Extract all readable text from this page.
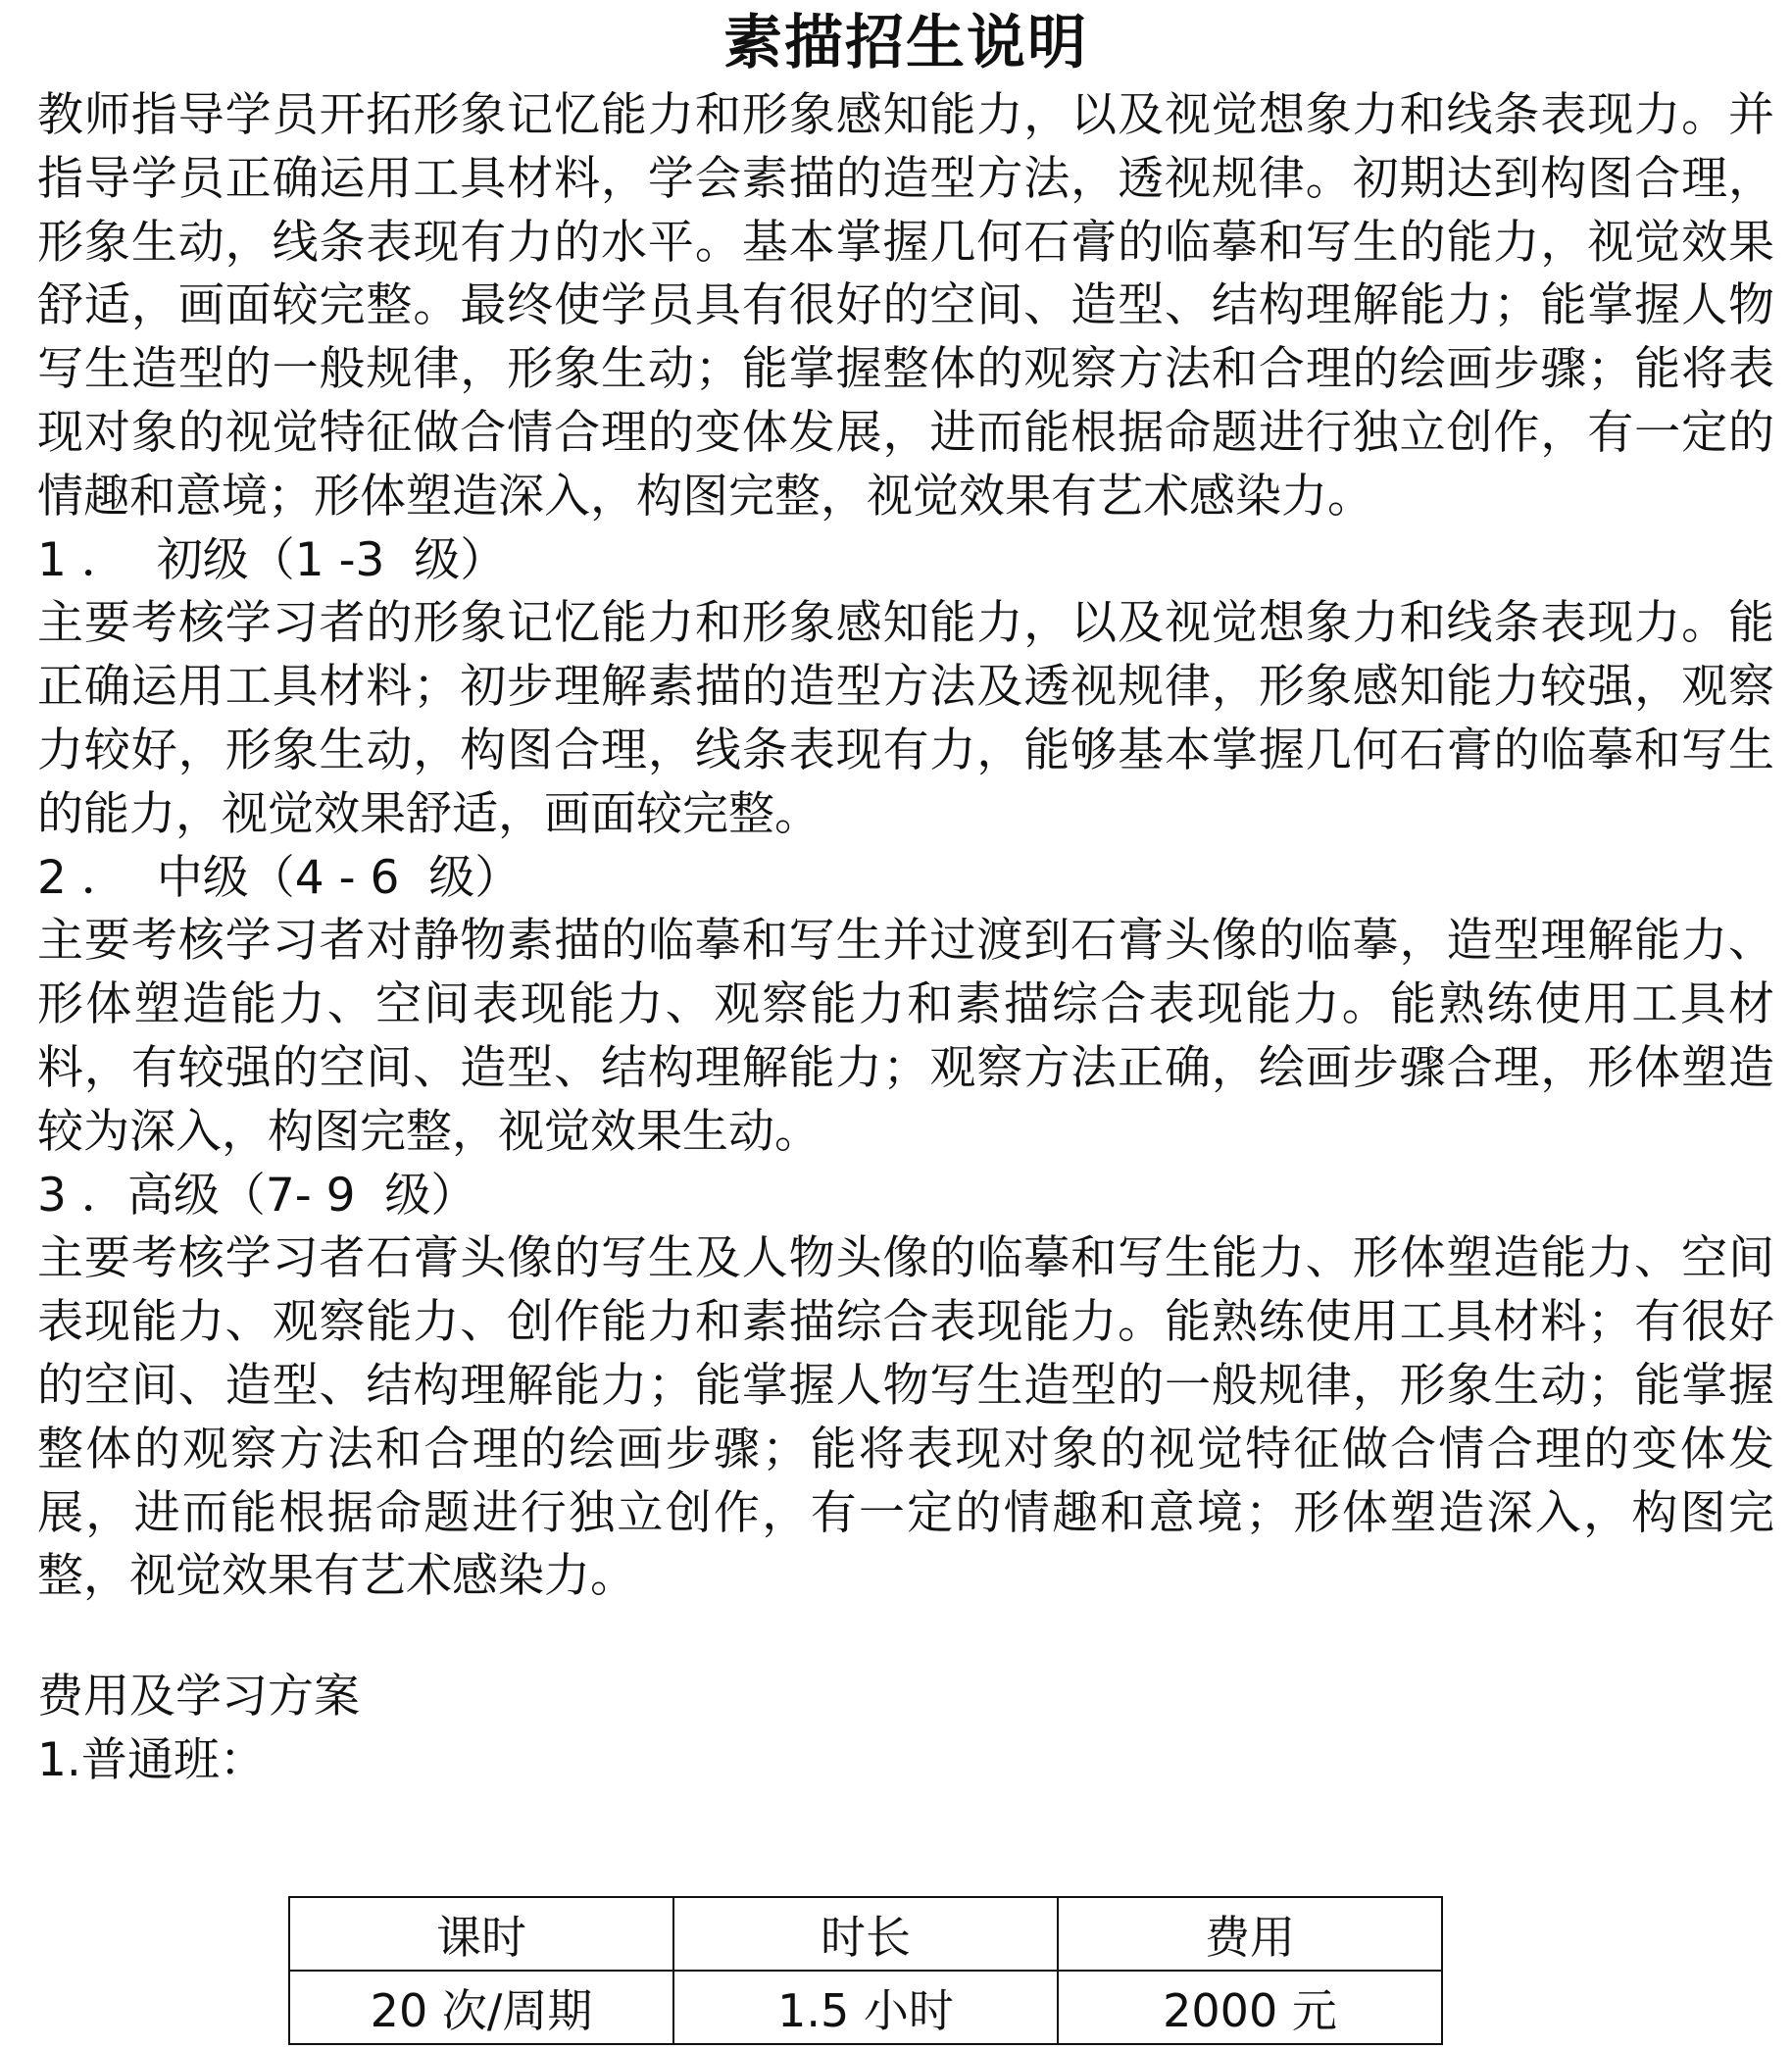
素描招生说明

教师指导学员开拓形象记忆能力和形象感知能力，以及视觉想象力和线条表现力。并指导学员正确运用工具材料，学会素描的造型方法，透视规律。初期达到构图合理，形象生动，线条表现有力的水平。基本掌握几何石膏的临摹和写生的能力，视觉效果舒适，画面较完整。最终使学员具有很好的空间、造型、结构理解能力；能掌握人物写生造型的一般规律，形象生动；能掌握整体的观察方法和合理的绘画步骤；能将表现对象的视觉特征做合情合理的变体发展，进而能根据命题进行独立创作，有一定的情趣和意境；形体塑造深入，构图完整，视觉效果有艺术感染力。

1 ．  初级（1 -3  级）

主要考核学习者的形象记忆能力和形象感知能力，以及视觉想象力和线条表现力。能正确运用工具材料；初步理解素描的造型方法及透视规律，形象感知能力较强，观察力较好，形象生动，构图合理，线条表现有力，能够基本掌握几何石膏的临摹和写生的能力，视觉效果舒适，画面较完整。

2 ．  中级（4 - 6  级）

主要考核学习者对静物素描的临摹和写生并过渡到石膏头像的临摹，造型理解能力、形体塑造能力、空间表现能力、观察能力和素描综合表现能力。能熟练使用工具材料，有较强的空间、造型、结构理解能力；观察方法正确，绘画步骤合理，形体塑造较为深入，构图完整，视觉效果生动。

3 ．高级（7- 9  级）

主要考核学习者石膏头像的写生及人物头像的临摹和写生能力、形体塑造能力、空间表现能力、观察能力、创作能力和素描综合表现能力。能熟练使用工具材料；有很好的空间、造型、结构理解能力；能掌握人物写生造型的一般规律，形象生动；能掌握整体的观察方法和合理的绘画步骤；能将表现对象的视觉特征做合情合理的变体发展，进而能根据命题进行独立创作，有一定的情趣和意境；形体塑造深入，构图完整，视觉效果有艺术感染力。

费用及学习方案
1.普通班：
课时	时长	费用
20 次/周期	1.5 小时	2000 元
